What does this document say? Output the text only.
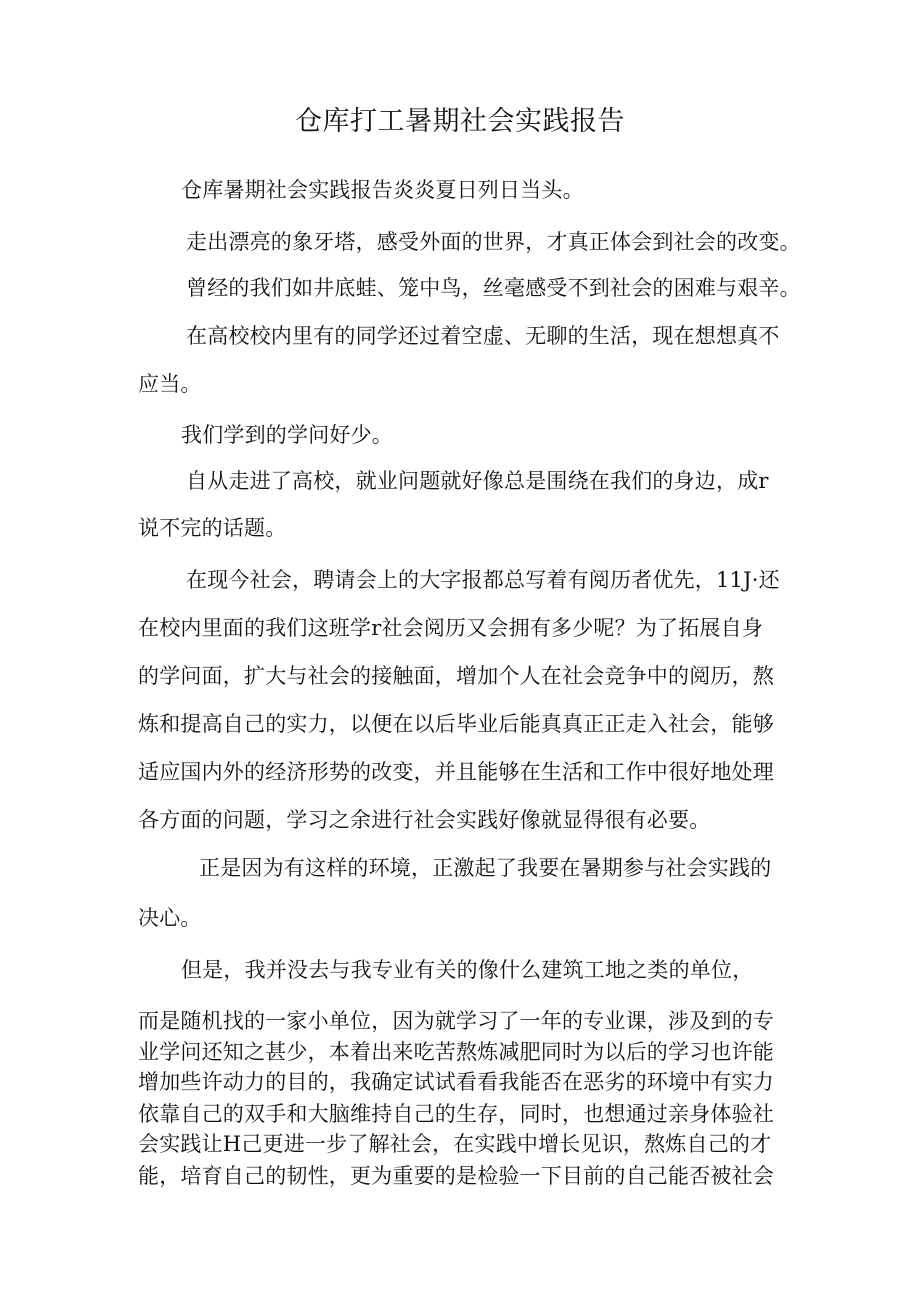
仓库打工暑期社会实践报告
仓库暑期社会实践报告炎炎夏日列日当头。
走出漂亮的象牙塔，感受外面的世界，才真正体会到社会的改变。
曾经的我们如井底蛙、笼中鸟，丝毫感受不到社会的困难与艰辛。
在高校校内里有的同学还过着空虚、无聊的生活，现在想想真不
应当。
我们学到的学问好少。
自从走进了高校，就业问题就好像总是围绕在我们的身边，成r
说不完的话题。
在现今社会，聘请会上的大字报都总写着有阅历者优先，11J·还
在校内里面的我们这班学r社会阅历又会拥有多少呢？为了拓展自身
的学问面，扩大与社会的接触面，增加个人在社会竞争中的阅历，熬
炼和提高自己的实力，以便在以后毕业后能真真正正走入社会，能够
适应国内外的经济形势的改变，并且能够在生活和工作中很好地处理
各方面的问题，学习之余进行社会实践好像就显得很有必要。
正是因为有这样的环境，正激起了我要在暑期参与社会实践的
决心。
但是，我并没去与我专业有关的像什么建筑工地之类的单位，
而是随机找的一家小单位，因为就学习了一年的专业课，涉及到的专
业学问还知之甚少，本着出来吃苦熬炼减肥同时为以后的学习也许能
增加些许动力的目的，我确定试试看看我能否在恶劣的环境中有实力
依靠自己的双手和大脑维持自己的生存，同时，也想通过亲身体验社
会实践让H己更进一步了解社会，在实践中增长见识，熬炼自己的才
能，培育自己的韧性，更为重要的是检验一下目前的自己能否被社会
